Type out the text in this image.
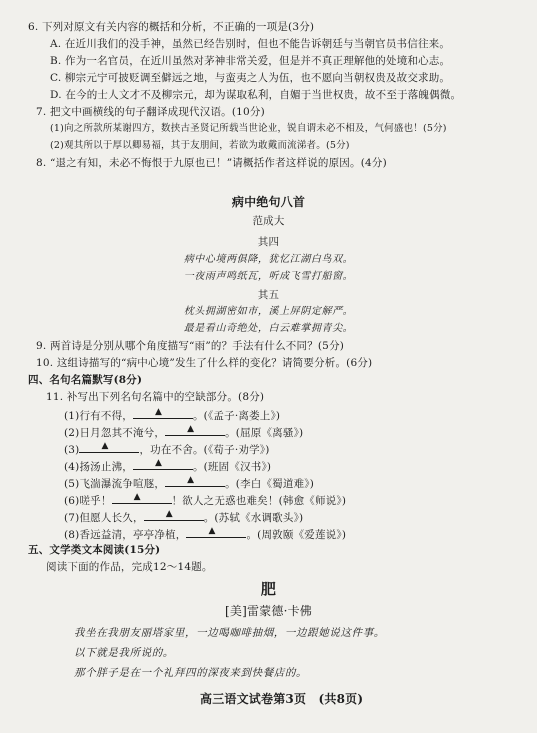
6. 下列对原文有关内容的概括和分析，不正确的一项是(3分)
A. 在近川我们的没手神，虽然已经告别时，但也不能告诉朝廷与当朝官员书信往来。
B. 作为一名官员，在近川虽然对茅神非常关爱，但是并不真正理解他的处境和心志。
C. 柳宗元宁可披贬调至僻远之地，与蛮夷之人为伍，也不愿向当朝权贵及故交求助。
D. 在今的士人文才不及柳宗元，却为谋取私利，自媚于当世权贵，故不至于落魄偶微。
7. 把文中画横线的句子翻译成现代汉语。(10分)
(1)向之所款所某谢四方，数挟古圣贤记所载当世论业，锐自谓未必不相及，气何盛也！(5分)
(2)观其所以于厚以卿易福，其于友朋间，若欲为敢戴而流涕者。(5分)
8. “退之有知，未必不悔恨于九原也已！”请概括作者这样说的原因。(4分)
病中绝句八首
范成大
其四
病中心境两俱降，犹忆江湖白鸟双。
一夜雨声鸣纸瓦，听成飞雪打船窗。
其五
枕头拥湖密如市，溪上屏阴定解严。
最是看山奇绝处，白云难掌拥青尖。
9. 两首诗是分别从哪个角度描写“雨”的？手法有什么不同？(5分)
10. 这组诗描写的“病中心境”发生了什么样的变化？请简要分析。(6分)
四、名句名篇默写(8分)
11. 补写出下列名句名篇中的空缺部分。(8分)
(1)行有不得， ▲	。(《孟子·离娄上》)
(2)日月忽其不淹兮， ▲	。(屈原《离骚》)
(3) ▲	，功在不舍。(《荀子·劝学》)
(4)扬汤止沸， ▲	。(班固《汉书》)
(5)飞湍瀑流争喧豗， ▲	。(李白《蜀道难》)
(6)嗟乎！ ▲	！欲人之无惑也难矣！(韩愈《师说》)
(7)但愿人长久， ▲	。(苏轼《水调歌头》)
(8)香远益清，亭亭净植， ▲	。(周敦颐《爱莲说》)
五、文学类文本阅读(15分)
阅读下面的作品，完成12～14题。
肥
[美]雷蒙德·卡佛
我坐在我朋友丽塔家里，一边喝咖啡抽烟，一边跟她说这件事。
以下就是我所说的。
那个胖子是在一个礼拜四的深夜来到快餐店的。
高三语文试卷第3页 (共8页)
